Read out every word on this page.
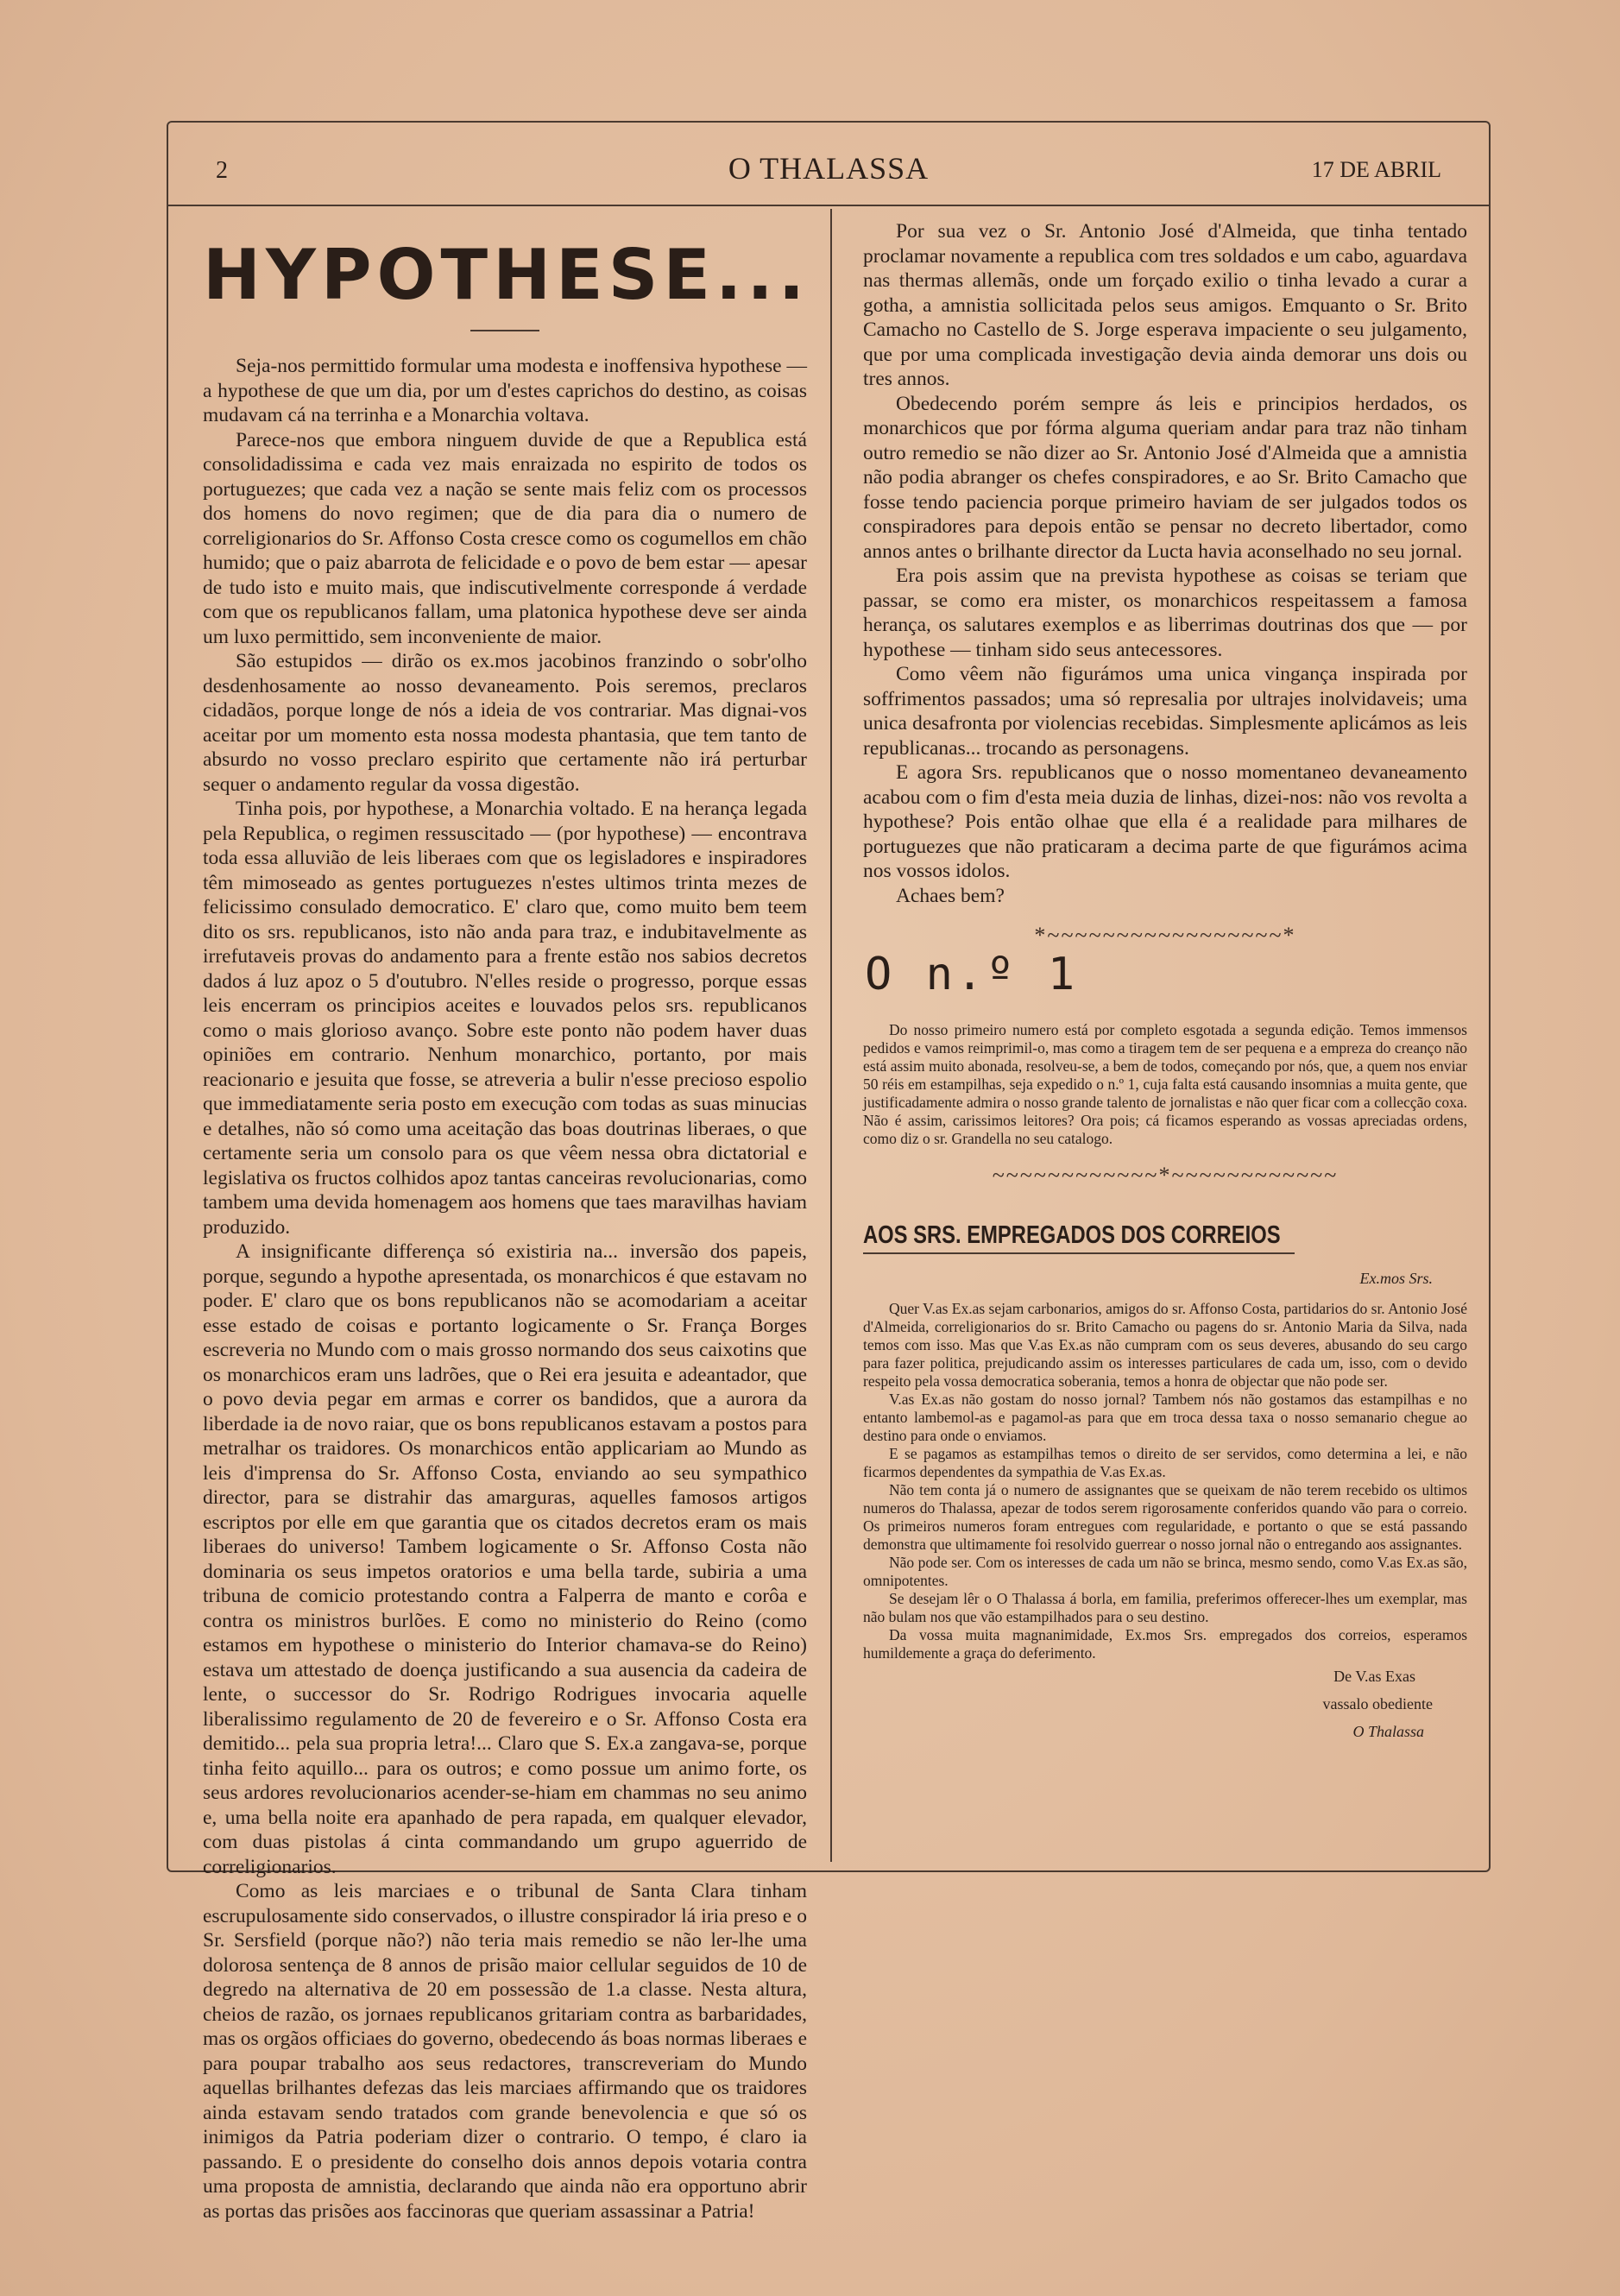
2	O THALASSA	17 DE ABRIL
HYPOTHESE...

Seja-nos permittido formular uma modesta e inoffensiva hypothese — a hypothese de que um dia, por um d'estes caprichos do destino, as coisas mudavam cá na terrinha e a Monarchia voltava.

Parece-nos que embora ninguem duvide de que a Republica está consolidadissima e cada vez mais enraizada no espirito de todos os portuguezes; que cada vez a nação se sente mais feliz com os processos dos homens do novo regimen; que de dia para dia o numero de correligionarios do Sr. Affonso Costa cresce como os cogumellos em chão humido; que o paiz abarrota de felicidade e o povo de bem estar — apesar de tudo isto e muito mais, que indiscutivelmente corresponde á verdade com que os republicanos fallam, uma platonica hypothese deve ser ainda um luxo permittido, sem inconveniente de maior.

São estupidos — dirão os ex.mos jacobinos franzindo o sobr'olho desdenhosamente ao nosso devaneamento. Pois seremos, preclaros cidadãos, porque longe de nós a ideia de vos contrariar. Mas dignai-vos aceitar por um momento esta nossa modesta phantasia, que tem tanto de absurdo no vosso preclaro espirito que certamente não irá perturbar sequer o andamento regular da vossa digestão.

Tinha pois, por hypothese, a Monarchia voltado. E na herança legada pela Republica, o regimen ressuscitado — (por hypothese) — encontrava toda essa alluvião de leis liberaes com que os legisladores e inspiradores têm mimoseado as gentes portuguezes n'estes ultimos trinta mezes de felicissimo consulado democratico. E' claro que, como muito bem teem dito os srs. republicanos, isto não anda para traz, e indubitavelmente as irrefutaveis provas do andamento para a frente estão nos sabios decretos dados á luz apoz o 5 d'outubro. N'elles reside o progresso, porque essas leis encerram os principios aceites e louvados pelos srs. republicanos como o mais glorioso avanço. Sobre este ponto não podem haver duas opiniões em contrario. Nenhum monarchico, portanto, por mais reacionario e jesuita que fosse, se atreveria a bulir n'esse precioso espolio que immediatamente seria posto em execução com todas as suas minucias e detalhes, não só como uma aceitação das boas doutrinas liberaes, o que certamente seria um consolo para os que vêem nessa obra dictatorial e legislativa os fructos colhidos apoz tantas canceiras revolucionarias, como tambem uma devida homenagem aos homens que taes maravilhas haviam produzido.

A insignificante differença só existiria na... inversão dos papeis, porque, segundo a hypothe apresentada, os monarchicos é que estavam no poder. E' claro que os bons republicanos não se acomodariam a aceitar esse estado de coisas e portanto logicamente o Sr. França Borges escreveria no Mundo com o mais grosso normando dos seus caixotins que os monarchicos eram uns ladrões, que o Rei era jesuita e adeantador, que o povo devia pegar em armas e correr os bandidos, que a aurora da liberdade ia de novo raiar, que os bons republicanos estavam a postos para metralhar os traidores. Os monarchicos então applicariam ao Mundo as leis d'imprensa do Sr. Affonso Costa, enviando ao seu sympathico director, para se distrahir das amarguras, aquelles famosos artigos escriptos por elle em que garantia que os citados decretos eram os mais liberaes do universo! Tambem logicamente o Sr. Affonso Costa não dominaria os seus impetos oratorios e uma bella tarde, subiria a uma tribuna de comicio protestando contra a Falperra de manto e corôa e contra os ministros burlões. E como no ministerio do Reino (como estamos em hypothese o ministerio do Interior chamava-se do Reino) estava um attestado de doença justificando a sua ausencia da cadeira de lente, o successor do Sr. Rodrigo Rodrigues invocaria aquelle liberalissimo regulamento de 20 de fevereiro e o Sr. Affonso Costa era demitido... pela sua propria letra!... Claro que S. Ex.a zangava-se, porque tinha feito aquillo... para os outros; e como possue um animo forte, os seus ardores revolucionarios acender-se-hiam em chammas no seu animo e, uma bella noite era apanhado de pera rapada, em qualquer elevador, com duas pistolas á cinta commandando um grupo aguerrido de correligionarios.

Como as leis marciaes e o tribunal de Santa Clara tinham escrupulosamente sido conservados, o illustre conspirador lá iria preso e o Sr. Sersfield (porque não?) não teria mais remedio se não ler-lhe uma dolorosa sentença de 8 annos de prisão maior cellular seguidos de 10 de degredo na alternativa de 20 em possessão de 1.a classe. Nesta altura, cheios de razão, os jornaes republicanos gritariam contra as barbaridades, mas os orgãos officiaes do governo, obedecendo ás boas normas liberaes e para poupar trabalho aos seus redactores, transcreveriam do Mundo aquellas brilhantes defezas das leis marciaes affirmando que os traidores ainda estavam sendo tratados com grande benevolencia e que só os inimigos da Patria poderiam dizer o contrario. O tempo, é claro ia passando. E o presidente do conselho dois annos depois votaria contra uma proposta de amnistia, declarando que ainda não era opportuno abrir as portas das prisões aos faccinoras que queriam assassinar a Patria!

Por sua vez o Sr. Antonio José d'Almeida, que tinha tentado proclamar novamente a republica com tres soldados e um cabo, aguardava nas thermas allemãs, onde um forçado exilio o tinha levado a curar a gotha, a amnistia sollicitada pelos seus amigos. Emquanto o Sr. Brito Camacho no Castello de S. Jorge esperava impaciente o seu julgamento, que por uma complicada investigação devia ainda demorar uns dois ou tres annos.

Obedecendo porém sempre ás leis e principios herdados, os monarchicos que por fórma alguma queriam andar para traz não tinham outro remedio se não dizer ao Sr. Antonio José d'Almeida que a amnistia não podia abranger os chefes conspiradores, e ao Sr. Brito Camacho que fosse tendo paciencia porque primeiro haviam de ser julgados todos os conspiradores para depois então se pensar no decreto libertador, como annos antes o brilhante director da Lucta havia aconselhado no seu jornal.

Era pois assim que na prevista hypothese as coisas se teriam que passar, se como era mister, os monarchicos respeitassem a famosa herança, os salutares exemplos e as liberrimas doutrinas dos que — por hypothese — tinham sido seus antecessores.

Como vêem não figurámos uma unica vingança inspirada por soffrimentos passados; uma só represalia por ultrajes inolvidaveis; uma unica desafronta por violencias recebidas. Simplesmente aplicámos as leis republicanas... trocando as personagens.

E agora Srs. republicanos que o nosso momentaneo devaneamento acabou com o fim d'esta meia duzia de linhas, dizei-nos: não vos revolta a hypothese? Pois então olhae que ella é a realidade para milhares de portuguezes que não praticaram a decima parte de que figurámos acima nos vossos idolos.

Achaes bem?

*~~~~~~~~~~~~~~~~~*
O n.º 1

Do nosso primeiro numero está por completo esgotada a segunda edição. Temos immensos pedidos e vamos reimprimil-o, mas como a tiragem tem de ser pequena e a empreza do creanço não está assim muito abonada, resolveu-se, a bem de todos, começando por nós, que, a quem nos enviar 50 réis em estampilhas, seja expedido o n.º 1, cuja falta está causando insomnias a muita gente, que justificadamente admira o nosso grande talento de jornalistas e não quer ficar com a collecção coxa. Não é assim, carissimos leitores? Ora pois; cá ficamos esperando as vossas apreciadas ordens, como diz o sr. Grandella no seu catalogo.

~~~~~~~~~~~~*~~~~~~~~~~~~
AOS SRS. EMPREGADOS DOS CORREIOS
Ex.mos Srs.

Quer V.as Ex.as sejam carbonarios, amigos do sr. Affonso Costa, partidarios do sr. Antonio José d'Almeida, correligionarios do sr. Brito Camacho ou pagens do sr. Antonio Maria da Silva, nada temos com isso. Mas que V.as Ex.as não cumpram com os seus deveres, abusando do seu cargo para fazer politica, prejudicando assim os interesses particulares de cada um, isso, com o devido respeito pela vossa democratica soberania, temos a honra de objectar que não pode ser.

V.as Ex.as não gostam do nosso jornal? Tambem nós não gostamos das estampilhas e no entanto lambemol-as e pagamol-as para que em troca dessa taxa o nosso semanario chegue ao destino para onde o enviamos.

E se pagamos as estampilhas temos o direito de ser servidos, como determina a lei, e não ficarmos dependentes da sympathia de V.as Ex.as.

Não tem conta já o numero de assignantes que se queixam de não terem recebido os ultimos numeros do Thalassa, apezar de todos serem rigorosamente conferidos quando vão para o correio. Os primeiros numeros foram entregues com regularidade, e portanto o que se está passando demonstra que ultimamente foi resolvido guerrear o nosso jornal não o entregando aos assignantes.

Não pode ser. Com os interesses de cada um não se brinca, mesmo sendo, como V.as Ex.as são, omnipotentes.

Se desejam lêr o O Thalassa á borla, em familia, preferimos offerecer-lhes um exemplar, mas não bulam nos que vão estampilhados para o seu destino.

Da vossa muita magnanimidade, Ex.mos Srs. empregados dos correios, esperamos humildemente a graça do deferimento.

De V.as Exas
vassalo obediente
O Thalassa
